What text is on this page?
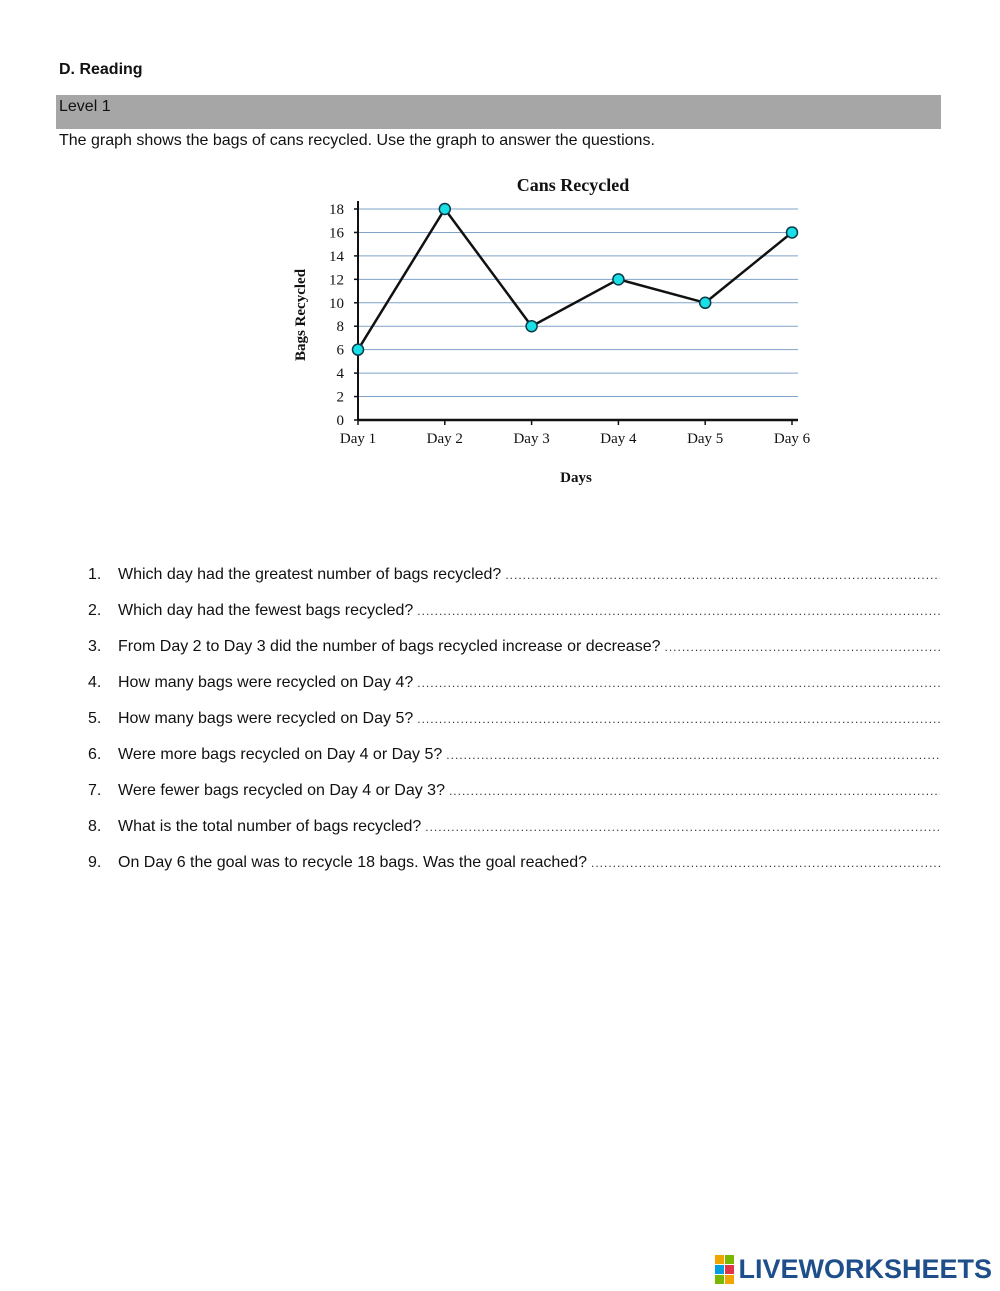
D. Reading
Level 1
The graph shows the bags of cans recycled. Use the graph to answer the questions.
Cans Recycled
0
2
4
6
8
10
12
14
16
18
Day 1	Day 2	Day 3	Day 4	Day 5	Day 6
Bags Recycled
Days
1.	Which day had the greatest number of bags recycled?
.....
2.	Which day had the fewest bags recycled?
.....
3.	From Day 2 to Day 3 did the number of bags recycled increase or decrease?
.....
4.	How many bags were recycled on Day 4?
.....
5.	How many bags were recycled on Day 5?
.....
6.	Were more bags recycled on Day 4 or Day 5?
.....
7.	Were fewer bags recycled on Day 4 or Day 3?
.....
8.	What is the total number of bags recycled?
.....
9.	On Day 6 the goal was to recycle 18 bags. Was the goal reached?
.....
LIVEWORKSHEETS
